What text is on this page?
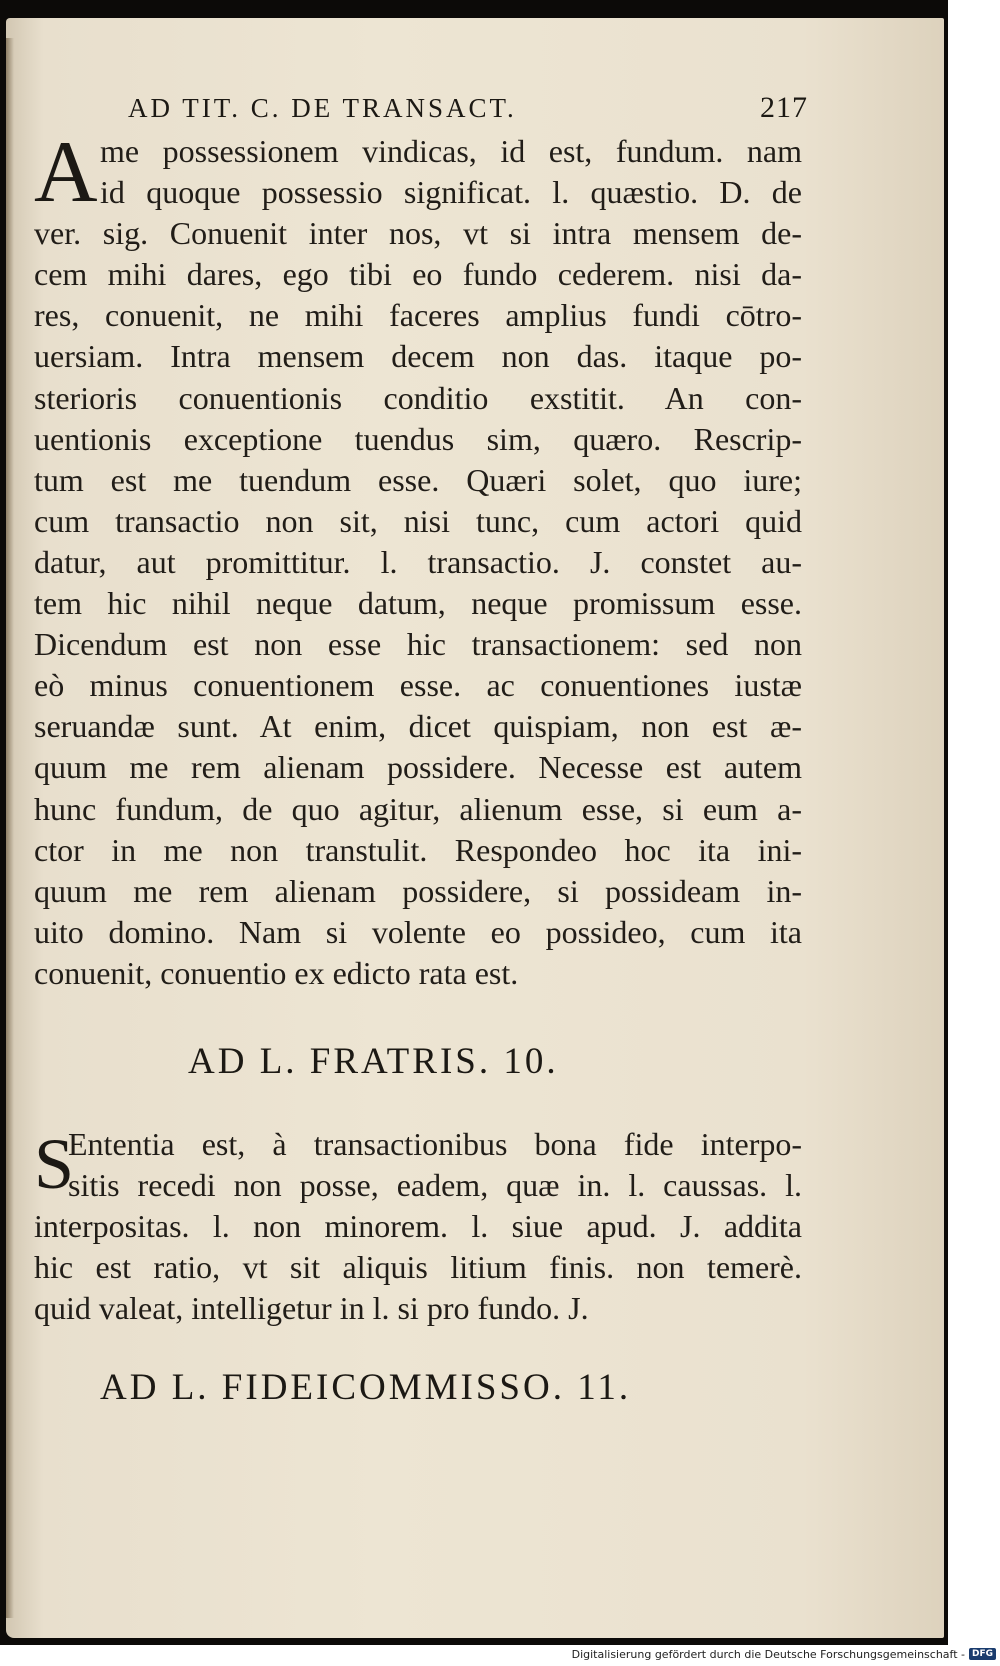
AD TIT. C. DE TRANSACT.	217
A me possessionem vindicas, id est, fundum. nam
id quoque possessio significat. l. quæstio. D. de
ver. sig. Conuenit inter nos, vt si intra mensem de-
cem mihi dares, ego tibi eo fundo cederem. nisi da-
res, conuenit, ne mihi faceres amplius fundi cōtro-
uersiam. Intra mensem decem non das. itaque po-
sterioris conuentionis conditio exstitit. An con-
uentionis exceptione tuendus sim, quæro. Rescrip-
tum est me tuendum esse. Quæri solet, quo iure;
cum transactio non sit, nisi tunc, cum actori quid
datur, aut promittitur. l. transactio. J. constet au-
tem hic nihil neque datum, neque promissum esse.
Dicendum est non esse hic transactionem: sed non
eò minus conuentionem esse. ac conuentiones iustæ
seruandæ sunt. At enim, dicet quispiam, non est æ-
quum me rem alienam possidere. Necesse est autem
hunc fundum, de quo agitur, alienum esse, si eum a-
ctor in me non transtulit. Respondeo hoc ita ini-
quum me rem alienam possidere, si possideam in-
uito domino. Nam si volente eo possideo, cum ita
conuenit, conuentio ex edicto rata est.
AD L. FRATRIS. 10.
S
Ententia est, à transactionibus bona fide interpo-
sitis recedi non posse, eadem, quæ in. l. caussas. l.
interpositas. l. non minorem. l. siue apud. J. addita
hic est ratio, vt sit aliquis litium finis. non temerè.
quid valeat, intelligetur in l. si pro fundo. J.
AD L. FIDEICOMMISSO. 11.
Digitalisierung gefördert durch die Deutsche Forschungsgemeinschaft - DFG
